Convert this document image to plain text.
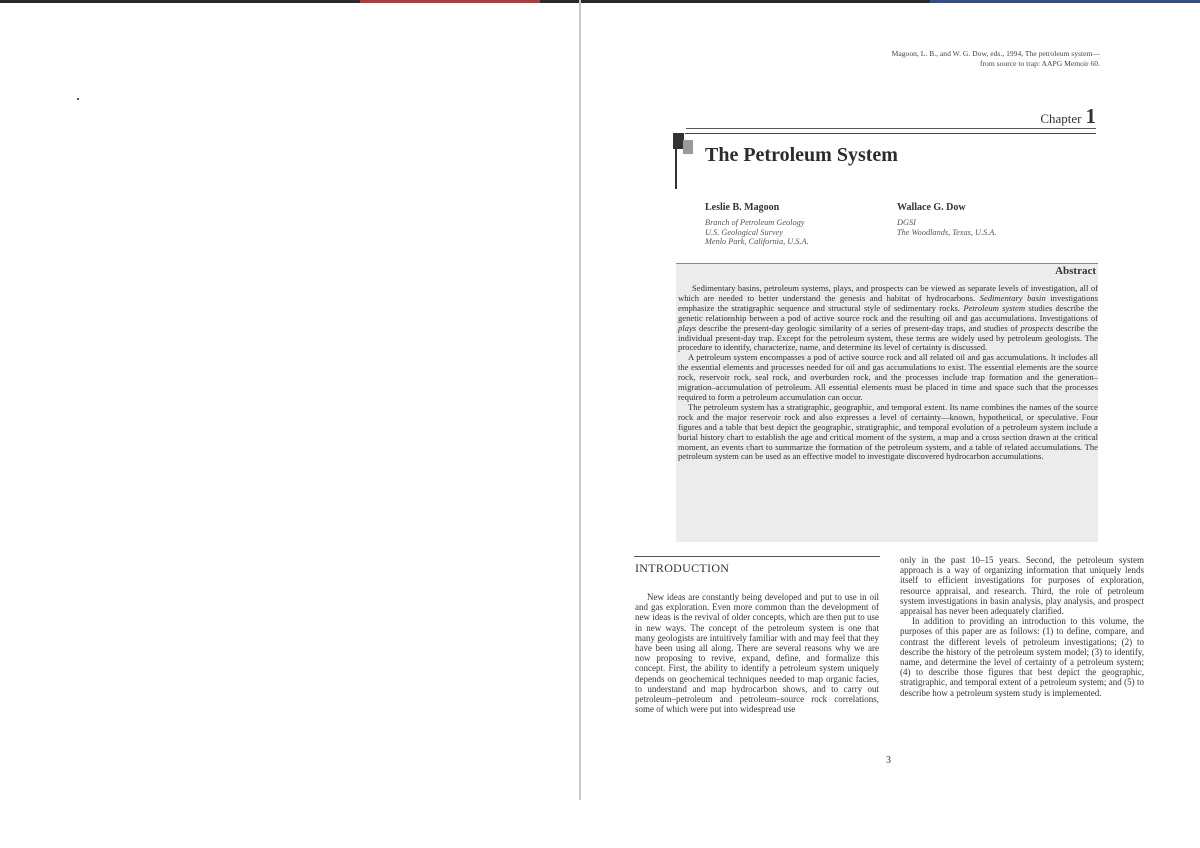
Magoon, L. B., and W. G. Dow, eds., 1994, The petroleum system—from source to trap: AAPG Memoir 60.
Chapter 1
The Petroleum System
Leslie B. Magoon
Branch of Petroleum Geology
U.S. Geological Survey
Menlo Park, California, U.S.A.
Wallace G. Dow
DGSI
The Woodlands, Texas, U.S.A.
Abstract

Sedimentary basins, petroleum systems, plays, and prospects can be viewed as separate levels of investigation, all of which are needed to better understand the genesis and habitat of hydrocarbons. Sedimentary basin investigations emphasize the stratigraphic sequence and structural style of sedimentary rocks. Petroleum system studies describe the genetic relationship between a pod of active source rock and the resulting oil and gas accumulations. Investigations of plays describe the present-day geologic similarity of a series of present-day traps, and studies of prospects describe the individual present-day trap. Except for the petroleum system, these terms are widely used by petroleum geologists. The procedure to identify, characterize, name, and determine its level of certainty is discussed.

A petroleum system encompasses a pod of active source rock and all related oil and gas accumulations. It includes all the essential elements and processes needed for oil and gas accumulations to exist. The essential elements are the source rock, reservoir rock, seal rock, and overburden rock, and the processes include trap formation and the generation–migration–accumulation of petroleum. All essential elements must be placed in time and space such that the processes required to form a petroleum accumulation can occur.

The petroleum system has a stratigraphic, geographic, and temporal extent. Its name combines the names of the source rock and the major reservoir rock and also expresses a level of certainty—known, hypothetical, or speculative. Four figures and a table that best depict the geographic, stratigraphic, and temporal evolution of a petroleum system include a burial history chart to establish the age and critical moment of the system, a map and a cross section drawn at the critical moment, an events chart to summarize the formation of the petroleum system, and a table of related accumulations. The petroleum system can be used as an effective model to investigate discovered hydrocarbon accumulations.

INTRODUCTION

New ideas are constantly being developed and put to use in oil and gas exploration. Even more common than the development of new ideas is the revival of older concepts, which are then put to use in new ways. The concept of the petroleum system is one that many geologists are intuitively familiar with and may feel that they have been using all along. There are several reasons why we are now proposing to revive, expand, define, and formalize this concept. First, the ability to identify a petroleum system uniquely depends on geochemical techniques needed to map organic facies, to understand and map hydrocarbon shows, and to carry out petroleum–petroleum and petroleum–source rock correlations, some of which were put into widespread use

only in the past 10–15 years. Second, the petroleum system approach is a way of organizing information that uniquely lends itself to efficient investigations for purposes of exploration, resource appraisal, and research. Third, the role of petroleum system investigations in basin analysis, play analysis, and prospect appraisal has never been adequately clarified.

In addition to providing an introduction to this volume, the purposes of this paper are as follows: (1) to define, compare, and contrast the different levels of petroleum investigations; (2) to describe the history of the petroleum system model; (3) to identify, name, and determine the level of certainty of a petroleum system; (4) to describe those figures that best depict the geographic, stratigraphic, and temporal extent of a petroleum system; and (5) to describe how a petroleum system study is implemented.

3
